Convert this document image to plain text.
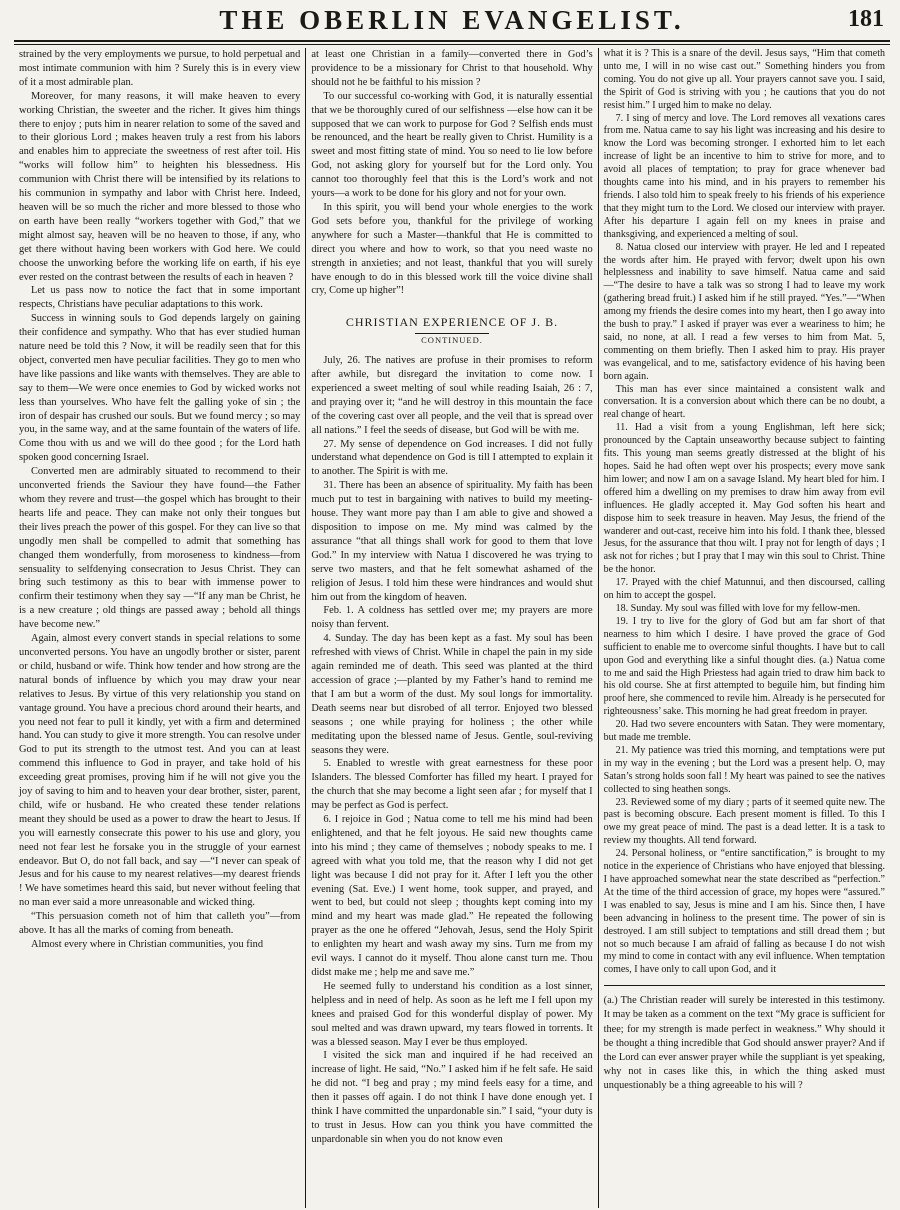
THE OBERLIN EVANGELIST.	181

strained by the very employments we pursue, to hold perpetual and most intimate communion with him ? Surely this is in every view of it a most admirable plan.

Moreover, for many reasons, it will make heaven to every working Christian, the sweeter and the richer. It gives him things there to enjoy ; puts him in nearer relation to some of the saved and to their glorious Lord ; makes heaven truly a rest from his labors and enables him to appreciate the sweetness of rest after toil. His “works will follow him” to heighten his blessedness. His communion with Christ there will be intensified by its relations to his communion in sympathy and labor with Christ here. Indeed, heaven will be so much the richer and more blessed to those who on earth have been really “workers together with God,” that we might almost say, heaven will be no heaven to those, if any, who get there without having been workers with God here. We could choose the unworking before the working life on earth, if his eye ever rested on the contrast between the results of each in heaven ?

Let us pass now to notice the fact that in some important respects, Christians have peculiar adaptations to this work.

Success in winning souls to God depends largely on gaining their confidence and sympathy. Who that has ever studied human nature need be told this ? Now, it will be readily seen that for this object, converted men have peculiar facilities. They go to men who have like passions and like wants with themselves. They are able to say to them—We were once enemies to God by wicked works not less than yourselves. Who have felt the galling yoke of sin ; the iron of despair has crushed our souls. But we found mercy ; so may you, in the same way, and at the same fountain of the waters of life. Come thou with us and we will do thee good ; for the Lord hath spoken good concerning Israel.

Converted men are admirably situated to recommend to their unconverted friends the Saviour they have found—the Father whom they revere and trust—the gospel which has brought to their hearts life and peace. They can make not only their tongues but their lives preach the power of this gospel. For they can live so that ungodly men shall be compelled to admit that something has changed them wonderfully, from moroseness to kindness—from sensuality to selfdenying consecration to Jesus Christ. They can bring such testimony as this to bear with immense power to confirm their testimony when they say —“If any man be Christ, he is a new creature ; old things are passed away ; behold all things have become new.”

Again, almost every convert stands in special relations to some unconverted persons. You have an ungodly brother or sister, parent or child, husband or wife. Think how tender and how strong are the natural bonds of influence by which you may draw your near relatives to Jesus. By virtue of this very relationship you stand on vantage ground. You have a precious chord around their hearts, and you need not fear to pull it kindly, yet with a firm and determined hand. You can study to give it more strength. You can resolve under God to put its strength to the utmost test. And you can at least commend this influence to God in prayer, and take hold of his exceeding great promises, proving him if he will not give you the joy of saving to him and to heaven your dear brother, sister, parent, child, wife or husband. He who created these tender relations meant they should be used as a power to draw the heart to Jesus. If you will earnestly consecrate this power to his use and glory, you need not fear lest he forsake you in the struggle of your earnest endeavor. But O, do not fall back, and say —“I never can speak of Jesus and for his cause to my nearest relatives—my dearest friends ! We have sometimes heard this said, but never without feeling that no man ever said a more unreasonable and wicked thing.

“This persuasion cometh not of him that calleth you”—from above. It has all the marks of coming from beneath.

Almost every where in Christian communities, you find

at least one Christian in a family—converted there in God’s providence to be a missionary for Christ to that household. Why should not he be faithful to his mission ?

To our successful co-working with God, it is naturally essential that we be thoroughly cured of our selfishness —else how can it be supposed that we can work to purpose for God ? Selfish ends must be renounced, and the heart be really given to Christ. Humility is a sweet and most fitting state of mind. You so need to lie low before God, not asking glory for yourself but for the Lord only. You cannot too thoroughly feel that this is the Lord’s work and not yours—a work to be done for his glory and not for your own.

In this spirit, you will bend your whole energies to the work God sets before you, thankful for the privilege of working anywhere for such a Master—thankful that He is committed to direct you where and how to work, so that you need waste no strength in anxieties; and not least, thankful that you will surely have enough to do in this blessed work till the voice divine shall cry, Come up higher”!

CHRISTIAN EXPERIENCE OF J. B.
CONTINUED.

July, 26. The natives are profuse in their promises to reform after awhile, but disregard the invitation to come now. I experienced a sweet melting of soul while reading Isaiah, 26 : 7, and praying over it; “and he will destroy in this mountain the face of the covering cast over all people, and the veil that is spread over all nations.” I feel the seeds of disease, but God will be with me.

27. My sense of dependence on God increases. I did not fully understand what dependence on God is till I attempted to explain it to another. The Spirit is with me.

31. There has been an absence of spirituality. My faith has been much put to test in bargaining with natives to build my meeting-house. They want more pay than I am able to give and showed a disposition to impose on me. My mind was calmed by the assurance “that all things shall work for good to them that love God.” In my interview with Natua I discovered he was trying to serve two masters, and that he felt somewhat ashamed of the religion of Jesus. I told him these were hindrances and would shut him out from the kingdom of heaven.

Feb. 1. A coldness has settled over me; my prayers are more noisy than fervent.

4. Sunday. The day has been kept as a fast. My soul has been refreshed with views of Christ. While in chapel the pain in my side again reminded me of death. This seed was planted at the third accession of grace ;—planted by my Father’s hand to remind me that I am but a worm of the dust. My soul longs for immortality. Death seems near but disrobed of all terror. Enjoyed two blessed seasons ; one while praying for holiness ; the other while meditating upon the blessed name of Jesus. Gentle, soul-reviving seasons they were.

5. Enabled to wrestle with great earnestness for these poor Islanders. The blessed Comforter has filled my heart. I prayed for the church that she may become a light seen afar ; for myself that I may be perfect as God is perfect.

6. I rejoice in God ; Natua come to tell me his mind had been enlightened, and that he felt joyous. He said new thoughts came into his mind ; they came of themselves ; nobody speaks to me. I agreed with what you told me, that the reason why I did not get light was because I did not pray for it. After I left you the other evening (Sat. Eve.) I went home, took supper, and prayed, and went to bed, but could not sleep ; thoughts kept coming into my mind and my heart was made glad.” He repeated the following prayer as the one he offered “Jehovah, Jesus, send the Holy Spirit to enlighten my heart and wash away my sins. Turn me from my evil ways. I cannot do it myself. Thou alone canst turn me. Thou didst make me ; help me and save me.”

He seemed fully to understand his condition as a lost sinner, helpless and in need of help. As soon as he left me I fell upon my knees and praised God for this wonderful display of power. My soul melted and was drawn upward, my tears flowed in torrents. It was a blessed season. May I ever be thus employed.

I visited the sick man and inquired if he had received an increase of light. He said, “No.” I asked him if he felt safe. He said he did not. “I beg and pray ; my mind feels easy for a time, and then it passes off again. I do not think I have done enough yet. I think I have committed the unpardonable sin.” I said, “your duty is to trust in Jesus. How can you think you have committed the unpardonable sin when you do not know even

what it is ? This is a snare of the devil. Jesus says, “Him that cometh unto me, I will in no wise cast out.” Something hinders you from coming. You do not give up all. Your prayers cannot save you. I said, the Spirit of God is striving with you ; he cautions that you do not resist him.” I urged him to make no delay.

7. I sing of mercy and love. The Lord removes all vexations cares from me. Natua came to say his light was increasing and his desire to know the Lord was becoming stronger. I exhorted him to let each increase of light be an incentive to him to strive for more, and to avoid all places of temptation; to pray for grace whenever bad thoughts came into his mind, and in his prayers to remember his friends. I also told him to speak freely to his friends of his experience that they might turn to the Lord. We closed our interview with prayer. After his departure I again fell on my knees in praise and thanksgiving, and experienced a melting of soul.

8. Natua closed our interview with prayer. He led and I repeated the words after him. He prayed with fervor; dwelt upon his own helplessness and inability to save himself. Natua came and said—“The desire to have a talk was so strong I had to leave my work (gathering bread fruit.) I asked him if he still prayed. “Yes.”—“When among my friends the desire comes into my heart, then I go away into the bush to pray.” I asked if prayer was ever a weariness to him; he said, no none, at all. I read a few verses to him from Mat. 5, commenting on them briefly. Then I asked him to pray. His prayer was evangelical, and to me, satisfactory evidence of his having been born again.

This man has ever since maintained a consistent walk and conversation. It is a conversion about which there can be no doubt, a real change of heart.

11. Had a visit from a young Englishman, left here sick; pronounced by the Captain unseaworthy because subject to fainting fits. This young man seems greatly distressed at the blight of his hopes. Said he had often wept over his prospects; every move sank him lower; and now I am on a savage Island. My heart bled for him. I offered him a dwelling on my premises to draw him away from evil influences. He gladly accepted it. May God soften his heart and dispose him to seek treasure in heaven. May Jesus, the friend of the wanderer and out-cast, receive him into his fold. I thank thee, blessed Jesus, for the assurance that thou wilt. I pray not for length of days ; I ask not for riches ; but I pray that I may win this soul to Christ. Thine be the honor.

17. Prayed with the chief Matunnui, and then discoursed, calling on him to accept the gospel.

18. Sunday. My soul was filled with love for my fellow-men.

19. I try to live for the glory of God but am far short of that nearness to him which I desire. I have proved the grace of God sufficient to enable me to overcome sinful thoughts. I have but to call upon God and everything like a sinful thought dies. (a.) Natua come to me and said the High Priestess had again tried to draw him back to his old course. She at first attempted to beguile him, but finding him proof here, she commenced to revile him. Already is he persecuted for righteousness’ sake. This morning he had great freedom in prayer.

20. Had two severe encounters with Satan. They were momentary, but made me tremble.

21. My patience was tried this morning, and temptations were put in my way in the evening ; but the Lord was a present help. O, may Satan’s strong holds soon fall ! My heart was pained to see the natives collected to sing heathen songs.

23. Reviewed some of my diary ; parts of it seemed quite new. The past is becoming obscure. Each present moment is filled. To this I owe my great peace of mind. The past is a dead letter. It is a task to review my thoughts. All tend forward.

24. Personal holiness, or “entire sanctification,” is brought to my notice in the experience of Christians who have enjoyed that blessing. I have approached somewhat near the state described as “perfection.” At the time of the third accession of grace, my hopes were “assured.” I was enabled to say, Jesus is mine and I am his. Since then, I have been advancing in holiness to the present time. The power of sin is destroyed. I am still subject to temptations and still dread them ; but not so much because I am afraid of falling as because I do not wish my mind to come in contact with any evil influence. When temptation comes, I have only to call upon God, and it

(a.) The Christian reader will surely be interested in this testimony. It may be taken as a comment on the text “My grace is sufficient for thee; for my strength is made perfect in weakness.” Why should it be thought a thing incredible that God should answer prayer? And if the Lord can ever answer prayer while the suppliant is yet speaking, why not in cases like this, in which the thing asked must unquestionably be a thing agreeable to his will ?
